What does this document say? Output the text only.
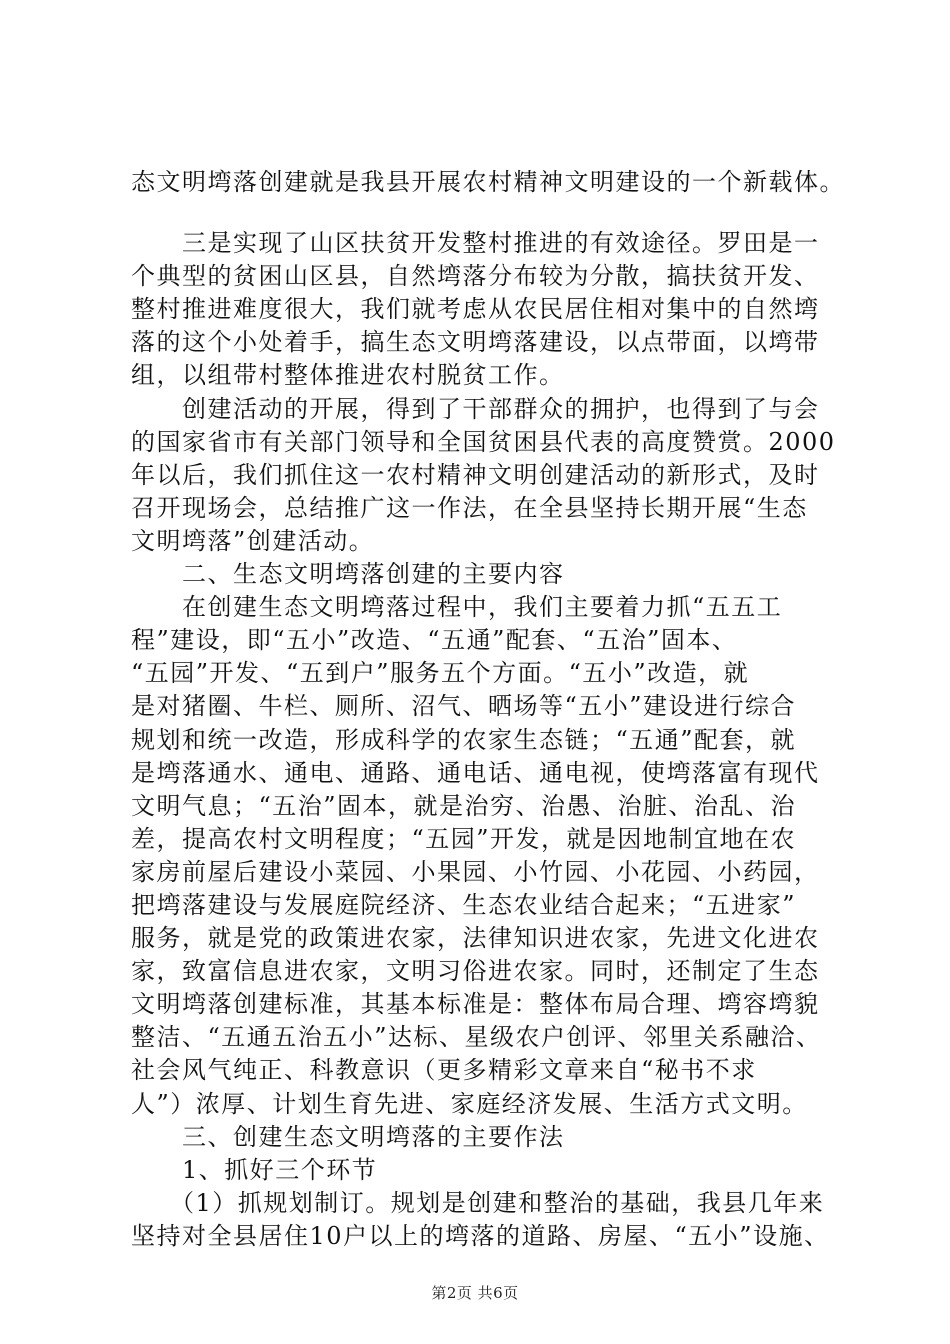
态文明塆落创建就是我县开展农村精神文明建设的一个新载体。
　　三是实现了山区扶贫开发整村推进的有效途径。罗田是一
个典型的贫困山区县，自然塆落分布较为分散，搞扶贫开发、
整村推进难度很大，我们就考虑从农民居住相对集中的自然塆
落的这个小处着手，搞生态文明塆落建设，以点带面，以塆带
组，以组带村整体推进农村脱贫工作。
　　创建活动的开展，得到了干部群众的拥护，也得到了与会
的国家省市有关部门领导和全国贫困县代表的高度赞赏。2000
年以后，我们抓住这一农村精神文明创建活动的新形式，及时
召开现场会，总结推广这一作法，在全县坚持长期开展“生态
文明塆落”创建活动。
　　二、生态文明塆落创建的主要内容
　　在创建生态文明塆落过程中，我们主要着力抓“五五工
程”建设，即“五小”改造、“五通”配套、“五治”固本、
“五园”开发、“五到户”服务五个方面。“五小”改造，就
是对猪圈、牛栏、厕所、沼气、晒场等“五小”建设进行综合
规划和统一改造，形成科学的农家生态链；“五通”配套，就
是塆落通水、通电、通路、通电话、通电视，使塆落富有现代
文明气息；“五治”固本，就是治穷、治愚、治脏、治乱、治
差，提高农村文明程度；“五园”开发，就是因地制宜地在农
家房前屋后建设小菜园、小果园、小竹园、小花园、小药园，
把塆落建设与发展庭院经济、生态农业结合起来；“五进家”
服务，就是党的政策进农家，法律知识进农家，先进文化进农
家，致富信息进农家，文明习俗进农家。同时，还制定了生态
文明塆落创建标准，其基本标准是：整体布局合理、塆容塆貌
整洁、“五通五治五小”达标、星级农户创评、邻里关系融洽、
社会风气纯正、科教意识（更多精彩文章来自“秘书不求
人”）浓厚、计划生育先进、家庭经济发展、生活方式文明。
　　三、创建生态文明塆落的主要作法
　　1、抓好三个环节
　　（1）抓规划制订。规划是创建和整治的基础，我县几年来
坚持对全县居住10户以上的塆落的道路、房屋、“五小”设施、
第2页 共6页
